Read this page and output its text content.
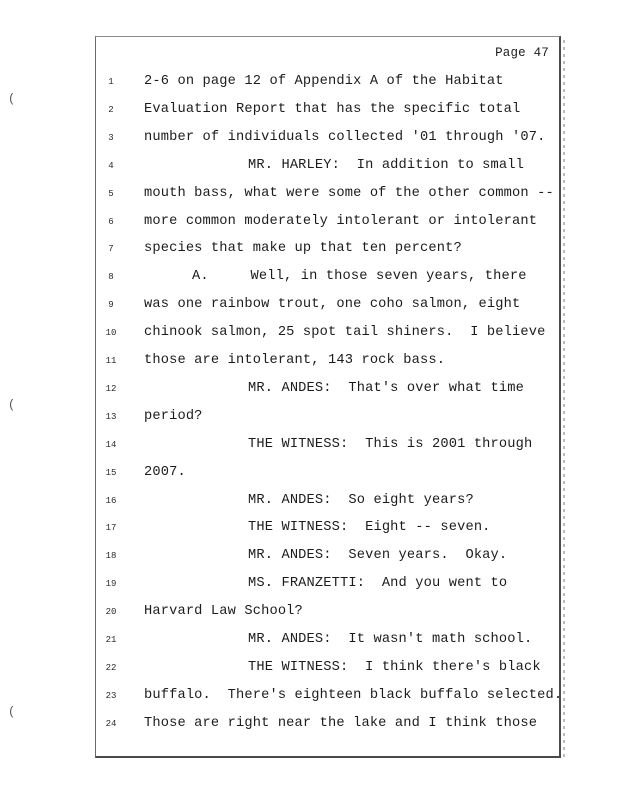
(
(
(
Page 47
1	2-6 on page 12 of Appendix A of the Habitat
2	Evaluation Report that has the specific total
3	number of individuals collected '01 through '07.
4	MR. HARLEY:  In addition to small
5	mouth bass, what were some of the other common --
6	more common moderately intolerant or intolerant
7	species that make up that ten percent?
8	A.     Well, in those seven years, there
9	was one rainbow trout, one coho salmon, eight
10	chinook salmon, 25 spot tail shiners.  I believe
11	those are intolerant, 143 rock bass.
12	MR. ANDES:  That's over what time
13	period?
14	THE WITNESS:  This is 2001 through
15	2007.
16	MR. ANDES:  So eight years?
17	THE WITNESS:  Eight -- seven.
18	MR. ANDES:  Seven years.  Okay.
19	MS. FRANZETTI:  And you went to
20	Harvard Law School?
21	MR. ANDES:  It wasn't math school.
22	THE WITNESS:  I think there's black
23	buffalo.  There's eighteen black buffalo selected.
24	Those are right near the lake and I think those
